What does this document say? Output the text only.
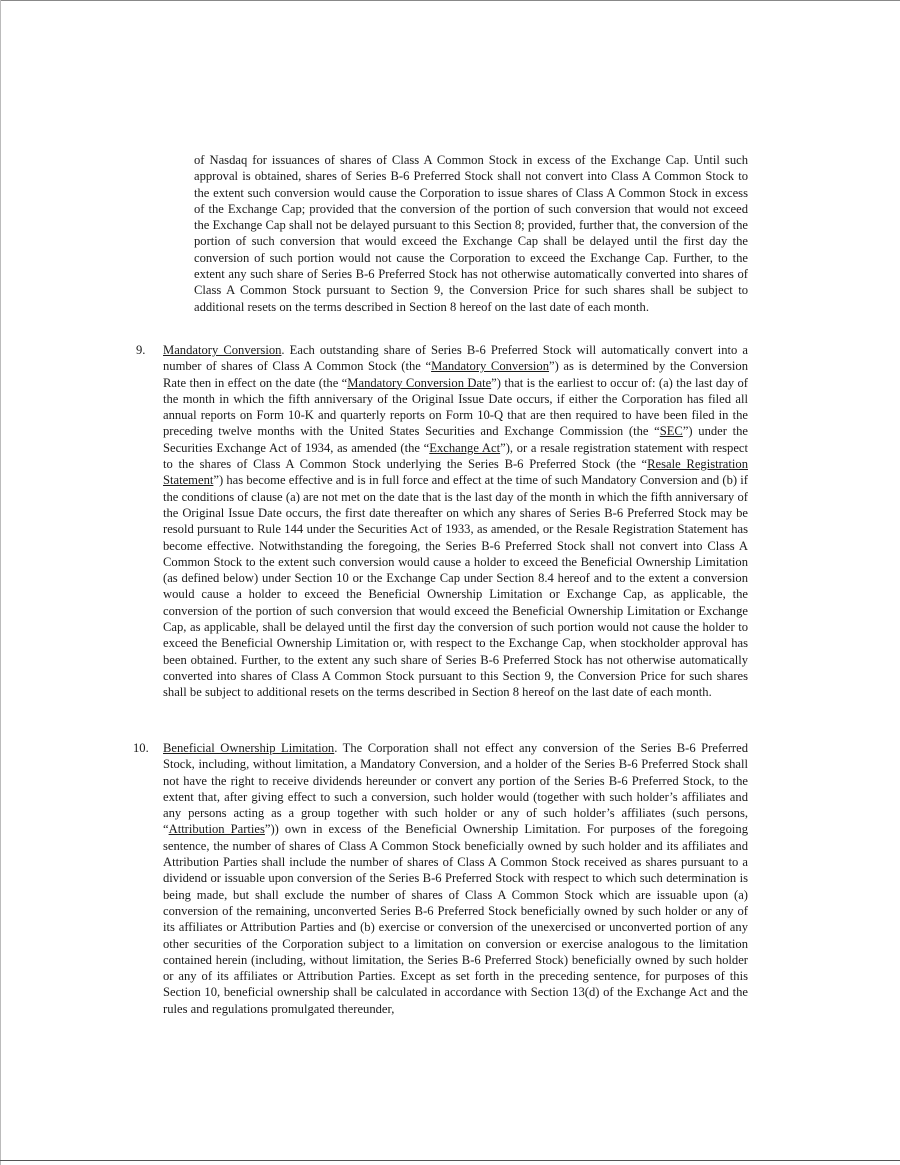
of Nasdaq for issuances of shares of Class A Common Stock in excess of the Exchange Cap. Until such approval is obtained, shares of Series B-6 Preferred Stock shall not convert into Class A Common Stock to the extent such conversion would cause the Corporation to issue shares of Class A Common Stock in excess of the Exchange Cap; provided that the conversion of the portion of such conversion that would not exceed the Exchange Cap shall not be delayed pursuant to this Section 8; provided, further that, the conversion of the portion of such conversion that would exceed the Exchange Cap shall be delayed until the first day the conversion of such portion would not cause the Corporation to exceed the Exchange Cap. Further, to the extent any such share of Series B-6 Preferred Stock has not otherwise automatically converted into shares of Class A Common Stock pursuant to Section 9, the Conversion Price for such shares shall be subject to additional resets on the terms described in Section 8 hereof on the last date of each month.

9. Mandatory Conversion. Each outstanding share of Series B-6 Preferred Stock will automatically convert into a number of shares of Class A Common Stock (the “Mandatory Conversion”) as is determined by the Conversion Rate then in effect on the date (the “Mandatory Conversion Date”) that is the earliest to occur of: (a) the last day of the month in which the fifth anniversary of the Original Issue Date occurs, if either the Corporation has filed all annual reports on Form 10-K and quarterly reports on Form 10-Q that are then required to have been filed in the preceding twelve months with the United States Securities and Exchange Commission (the “SEC”) under the Securities Exchange Act of 1934, as amended (the “Exchange Act”), or a resale registration statement with respect to the shares of Class A Common Stock underlying the Series B-6 Preferred Stock (the “Resale Registration Statement”) has become effective and is in full force and effect at the time of such Mandatory Conversion and (b) if the conditions of clause (a) are not met on the date that is the last day of the month in which the fifth anniversary of the Original Issue Date occurs, the first date thereafter on which any shares of Series B-6 Preferred Stock may be resold pursuant to Rule 144 under the Securities Act of 1933, as amended, or the Resale Registration Statement has become effective. Notwithstanding the foregoing, the Series B-6 Preferred Stock shall not convert into Class A Common Stock to the extent such conversion would cause a holder to exceed the Beneficial Ownership Limitation (as defined below) under Section 10 or the Exchange Cap under Section 8.4 hereof and to the extent a conversion would cause a holder to exceed the Beneficial Ownership Limitation or Exchange Cap, as applicable, the conversion of the portion of such conversion that would exceed the Beneficial Ownership Limitation or Exchange Cap, as applicable, shall be delayed until the first day the conversion of such portion would not cause the holder to exceed the Beneficial Ownership Limitation or, with respect to the Exchange Cap, when stockholder approval has been obtained. Further, to the extent any such share of Series B-6 Preferred Stock has not otherwise automatically converted into shares of Class A Common Stock pursuant to this Section 9, the Conversion Price for such shares shall be subject to additional resets on the terms described in Section 8 hereof on the last date of each month.

10. Beneficial Ownership Limitation. The Corporation shall not effect any conversion of the Series B-6 Preferred Stock, including, without limitation, a Mandatory Conversion, and a holder of the Series B-6 Preferred Stock shall not have the right to receive dividends hereunder or convert any portion of the Series B-6 Preferred Stock, to the extent that, after giving effect to such a conversion, such holder would (together with such holder’s affiliates and any persons acting as a group together with such holder or any of such holder’s affiliates (such persons, “Attribution Parties”)) own in excess of the Beneficial Ownership Limitation. For purposes of the foregoing sentence, the number of shares of Class A Common Stock beneficially owned by such holder and its affiliates and Attribution Parties shall include the number of shares of Class A Common Stock received as shares pursuant to a dividend or issuable upon conversion of the Series B-6 Preferred Stock with respect to which such determination is being made, but shall exclude the number of shares of Class A Common Stock which are issuable upon (a) conversion of the remaining, unconverted Series B-6 Preferred Stock beneficially owned by such holder or any of its affiliates or Attribution Parties and (b) exercise or conversion of the unexercised or unconverted portion of any other securities of the Corporation subject to a limitation on conversion or exercise analogous to the limitation contained herein (including, without limitation, the Series B-6 Preferred Stock) beneficially owned by such holder or any of its affiliates or Attribution Parties. Except as set forth in the preceding sentence, for purposes of this Section 10, beneficial ownership shall be calculated in accordance with Section 13(d) of the Exchange Act and the rules and regulations promulgated thereunder,
